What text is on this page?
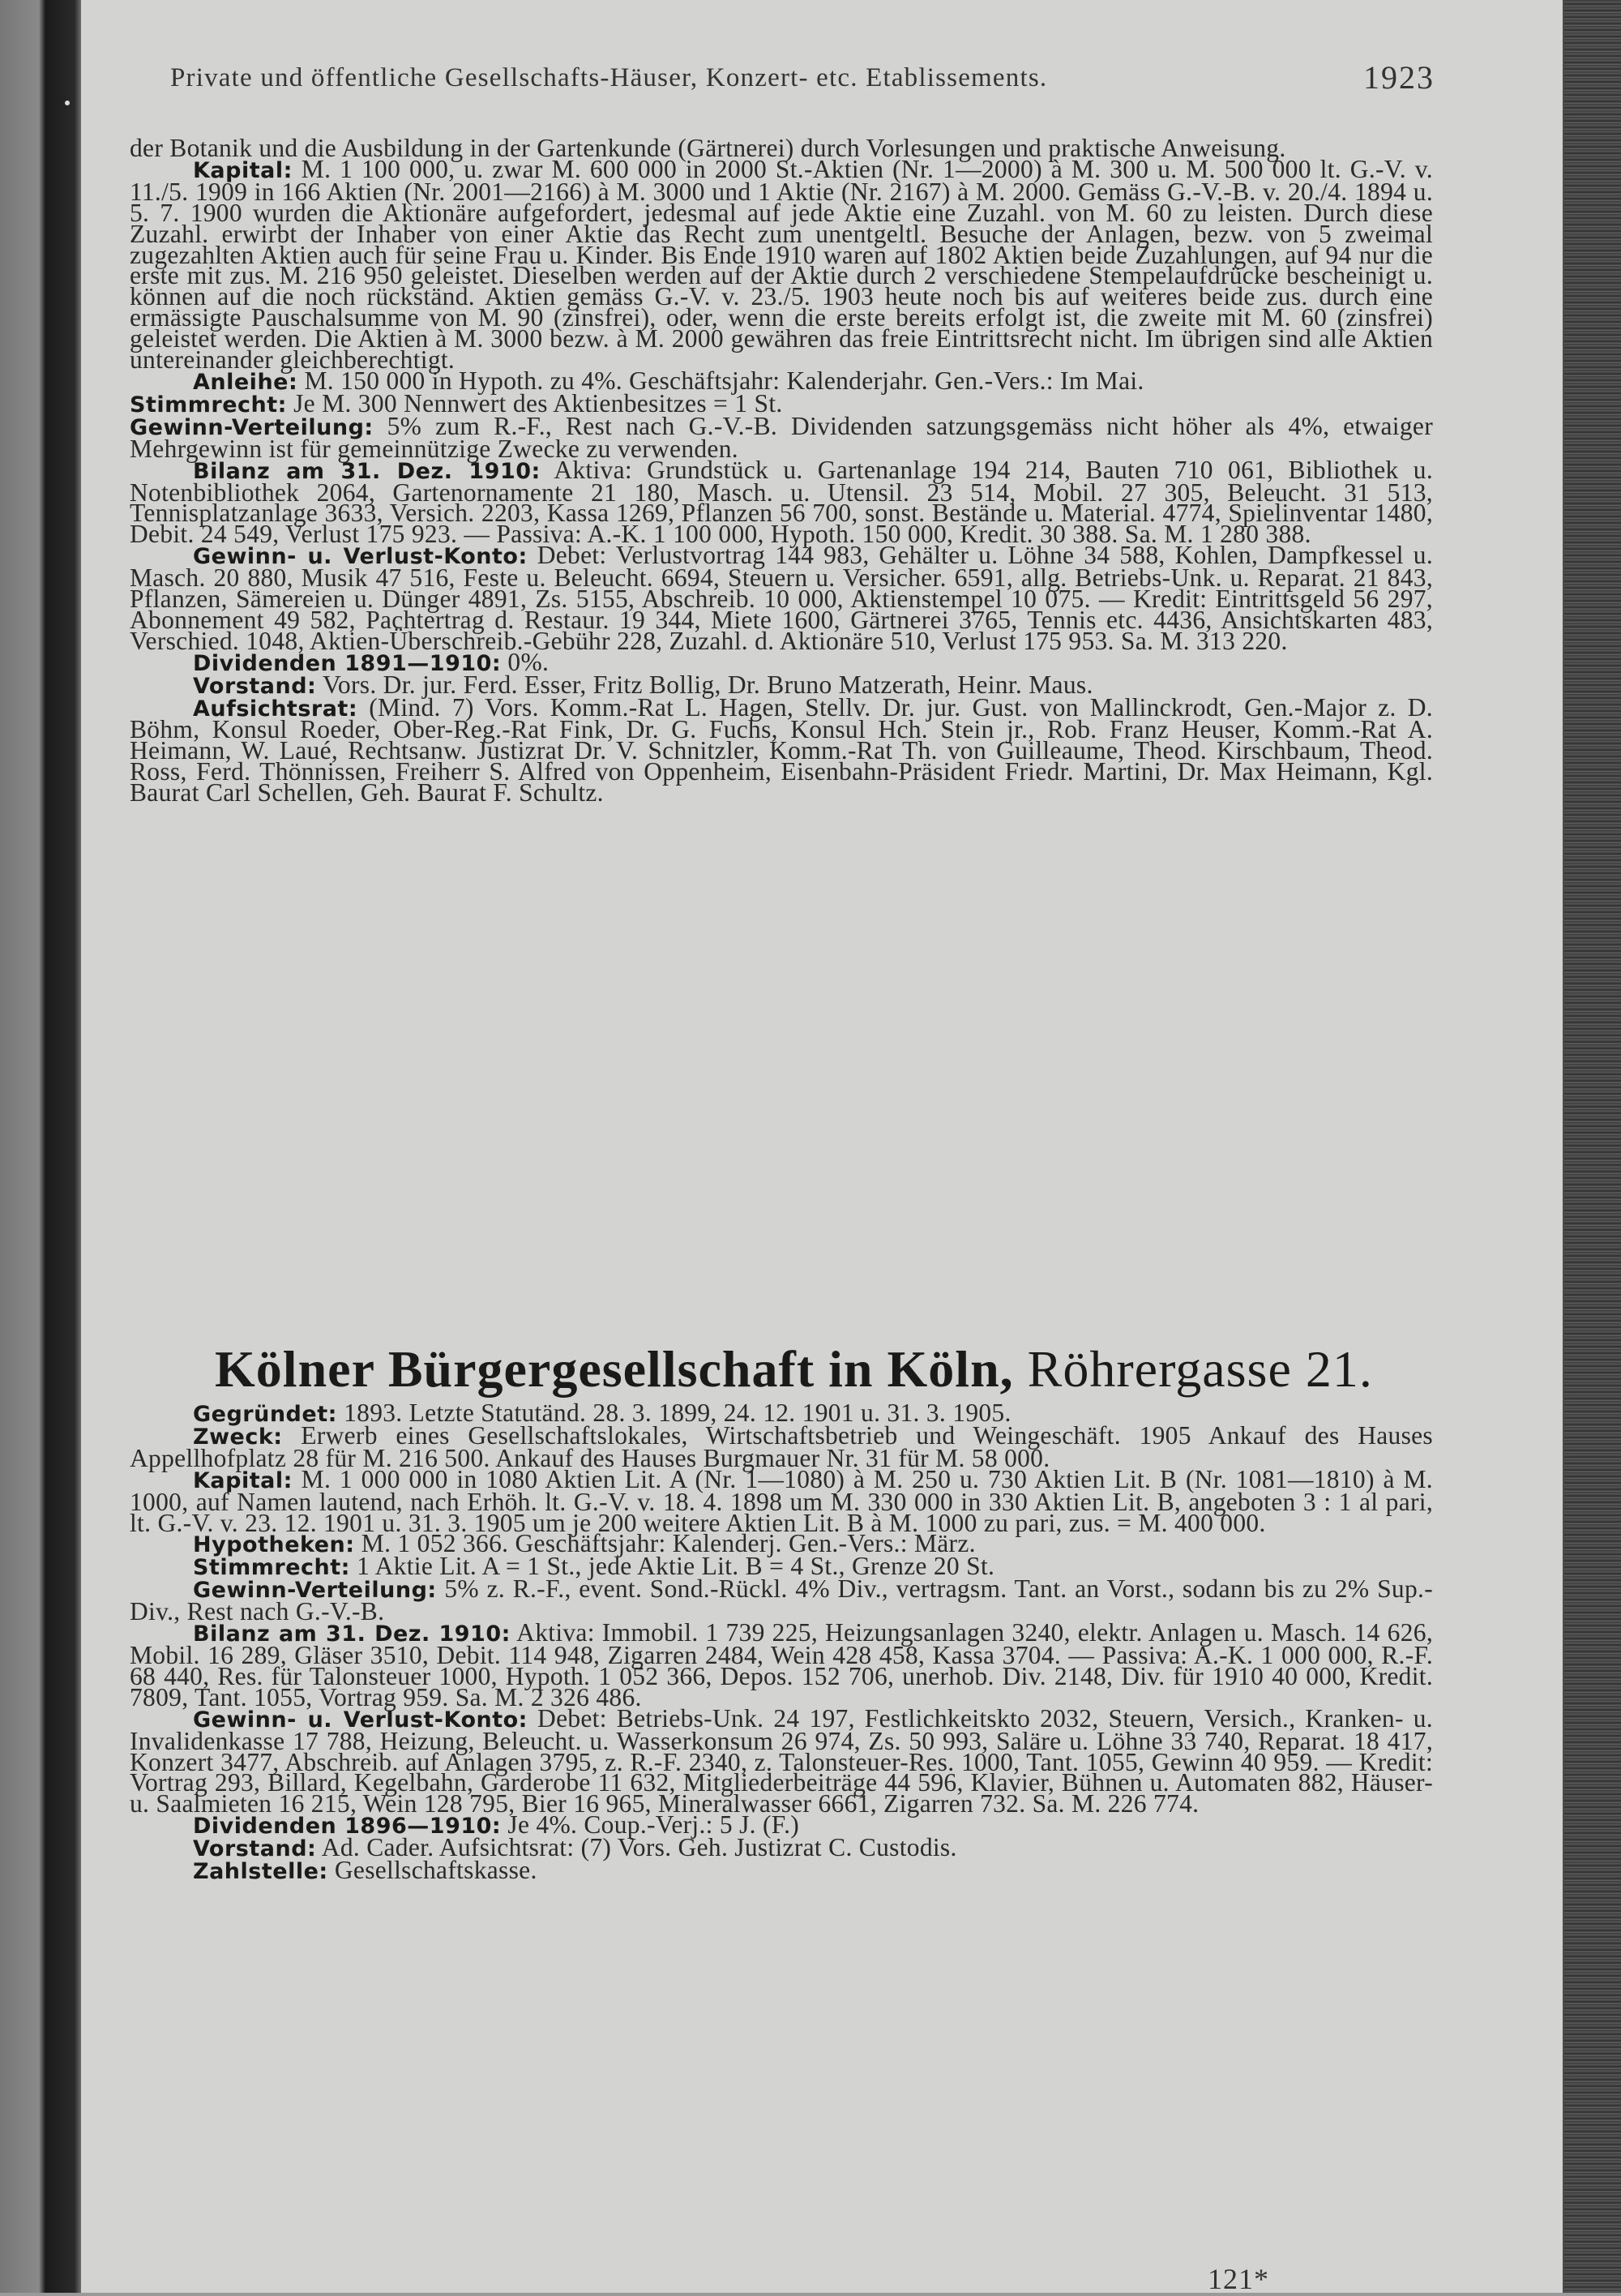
Private und öffentliche Gesellschafts-Häuser, Konzert- etc. Etablissements.	1923

der Botanik und die Ausbildung in der Gartenkunde (Gärtnerei) durch Vorlesungen und praktische Anweisung.

Kapital: M. 1 100 000, u. zwar M. 600 000 in 2000 St.-Aktien (Nr. 1—2000) à M. 300 u. M. 500 000 lt. G.-V. v. 11./5. 1909 in 166 Aktien (Nr. 2001—2166) à M. 3000 und 1 Aktie (Nr. 2167) à M. 2000. Gemäss G.-V.-B. v. 20./4. 1894 u. 5. 7. 1900 wurden die Aktionäre aufgefordert, jedesmal auf jede Aktie eine Zuzahl. von M. 60 zu leisten. Durch diese Zuzahl. erwirbt der Inhaber von einer Aktie das Recht zum unentgeltl. Besuche der Anlagen, bezw. von 5 zweimal zugezahlten Aktien auch für seine Frau u. Kinder. Bis Ende 1910 waren auf 1802 Aktien beide Zuzahlungen, auf 94 nur die erste mit zus. M. 216 950 geleistet. Dieselben werden auf der Aktie durch 2 verschiedene Stempelaufdrücke bescheinigt u. können auf die noch rückständ. Aktien gemäss G.-V. v. 23./5. 1903 heute noch bis auf weiteres beide zus. durch eine ermässigte Pauschalsumme von M. 90 (zinsfrei), oder, wenn die erste bereits erfolgt ist, die zweite mit M. 60 (zinsfrei) geleistet werden. Die Aktien à M. 3000 bezw. à M. 2000 gewähren das freie Eintrittsrecht nicht. Im übrigen sind alle Aktien untereinander gleichberechtigt.

Anleihe: M. 150 000 in Hypoth. zu 4%. Geschäftsjahr: Kalenderjahr. Gen.-Vers.: Im Mai.

Stimmrecht: Je M. 300 Nennwert des Aktienbesitzes = 1 St.

Gewinn-Verteilung: 5% zum R.-F., Rest nach G.-V.-B. Dividenden satzungsgemäss nicht höher als 4%, etwaiger Mehrgewinn ist für gemeinnützige Zwecke zu verwenden.

Bilanz am 31. Dez. 1910: Aktiva: Grundstück u. Gartenanlage 194 214, Bauten 710 061, Bibliothek u. Notenbibliothek 2064, Gartenornamente 21 180, Masch. u. Utensil. 23 514, Mobil. 27 305, Beleucht. 31 513, Tennisplatzanlage 3633, Versich. 2203, Kassa 1269, Pflanzen 56 700, sonst. Bestände u. Material. 4774, Spielinventar 1480, Debit. 24 549, Verlust 175 923. — Passiva: A.-K. 1 100 000, Hypoth. 150 000, Kredit. 30 388. Sa. M. 1 280 388.

Gewinn- u. Verlust-Konto: Debet: Verlustvortrag 144 983, Gehälter u. Löhne 34 588, Kohlen, Dampfkessel u. Masch. 20 880, Musik 47 516, Feste u. Beleucht. 6694, Steuern u. Versicher. 6591, allg. Betriebs-Unk. u. Reparat. 21 843, Pflanzen, Sämereien u. Dünger 4891, Zs. 5155, Abschreib. 10 000, Aktienstempel 10 075. — Kredit: Eintrittsgeld 56 297, Abonnement 49 582, Pachtertrag d. Restaur. 19 344, Miete 1600, Gärtnerei 3765, Tennis etc. 4436, Ansichtskarten 483, Verschied. 1048, Aktien-Überschreib.-Gebühr 228, Zuzahl. d. Aktionäre 510, Verlust 175 953. Sa. M. 313 220.

Dividenden 1891—1910: 0%.

Vorstand: Vors. Dr. jur. Ferd. Esser, Fritz Bollig, Dr. Bruno Matzerath, Heinr. Maus.

Aufsichtsrat: (Mind. 7) Vors. Komm.-Rat L. Hagen, Stellv. Dr. jur. Gust. von Mallinckrodt, Gen.-Major z. D. Böhm, Konsul Roeder, Ober-Reg.-Rat Fink, Dr. G. Fuchs, Konsul Hch. Stein jr., Rob. Franz Heuser, Komm.-Rat A. Heimann, W. Laué, Rechtsanw. Justizrat Dr. V. Schnitzler, Komm.-Rat Th. von Guilleaume, Theod. Kirschbaum, Theod. Ross, Ferd. Thönnissen, Freiherr S. Alfred von Oppenheim, Eisenbahn-Präsident Friedr. Martini, Dr. Max Heimann, Kgl. Baurat Carl Schellen, Geh. Baurat F. Schultz.

Kölner Bürgergesellschaft in Köln, Röhrergasse 21.

Gegründet: 1893. Letzte Statutänd. 28. 3. 1899, 24. 12. 1901 u. 31. 3. 1905.

Zweck: Erwerb eines Gesellschaftslokales, Wirtschaftsbetrieb und Weingeschäft. 1905 Ankauf des Hauses Appellhofplatz 28 für M. 216 500. Ankauf des Hauses Burgmauer Nr. 31 für M. 58 000.

Kapital: M. 1 000 000 in 1080 Aktien Lit. A (Nr. 1—1080) à M. 250 u. 730 Aktien Lit. B (Nr. 1081—1810) à M. 1000, auf Namen lautend, nach Erhöh. lt. G.-V. v. 18. 4. 1898 um M. 330 000 in 330 Aktien Lit. B, angeboten 3 : 1 al pari, lt. G.-V. v. 23. 12. 1901 u. 31. 3. 1905 um je 200 weitere Aktien Lit. B à M. 1000 zu pari, zus. = M. 400 000.

Hypotheken: M. 1 052 366. Geschäftsjahr: Kalenderj. Gen.-Vers.: März.

Stimmrecht: 1 Aktie Lit. A = 1 St., jede Aktie Lit. B = 4 St., Grenze 20 St.

Gewinn-Verteilung: 5% z. R.-F., event. Sond.-Rückl. 4% Div., vertragsm. Tant. an Vorst., sodann bis zu 2% Sup.-Div., Rest nach G.-V.-B.

Bilanz am 31. Dez. 1910: Aktiva: Immobil. 1 739 225, Heizungsanlagen 3240, elektr. Anlagen u. Masch. 14 626, Mobil. 16 289, Gläser 3510, Debit. 114 948, Zigarren 2484, Wein 428 458, Kassa 3704. — Passiva: A.-K. 1 000 000, R.-F. 68 440, Res. für Talonsteuer 1000, Hypoth. 1 052 366, Depos. 152 706, unerhob. Div. 2148, Div. für 1910 40 000, Kredit. 7809, Tant. 1055, Vortrag 959. Sa. M. 2 326 486.

Gewinn- u. Verlust-Konto: Debet: Betriebs-Unk. 24 197, Festlichkeitskto 2032, Steuern, Versich., Kranken- u. Invalidenkasse 17 788, Heizung, Beleucht. u. Wasserkonsum 26 974, Zs. 50 993, Saläre u. Löhne 33 740, Reparat. 18 417, Konzert 3477, Abschreib. auf Anlagen 3795, z. R.-F. 2340, z. Talonsteuer-Res. 1000, Tant. 1055, Gewinn 40 959. — Kredit: Vortrag 293, Billard, Kegelbahn, Garderobe 11 632, Mitgliederbeiträge 44 596, Klavier, Bühnen u. Automaten 882, Häuser- u. Saalmieten 16 215, Wein 128 795, Bier 16 965, Mineralwasser 6661, Zigarren 732. Sa. M. 226 774.

Dividenden 1896—1910: Je 4%. Coup.-Verj.: 5 J. (F.)

Vorstand: Ad. Cader. Aufsichtsrat: (7) Vors. Geh. Justizrat C. Custodis.

Zahlstelle: Gesellschaftskasse.

121*
